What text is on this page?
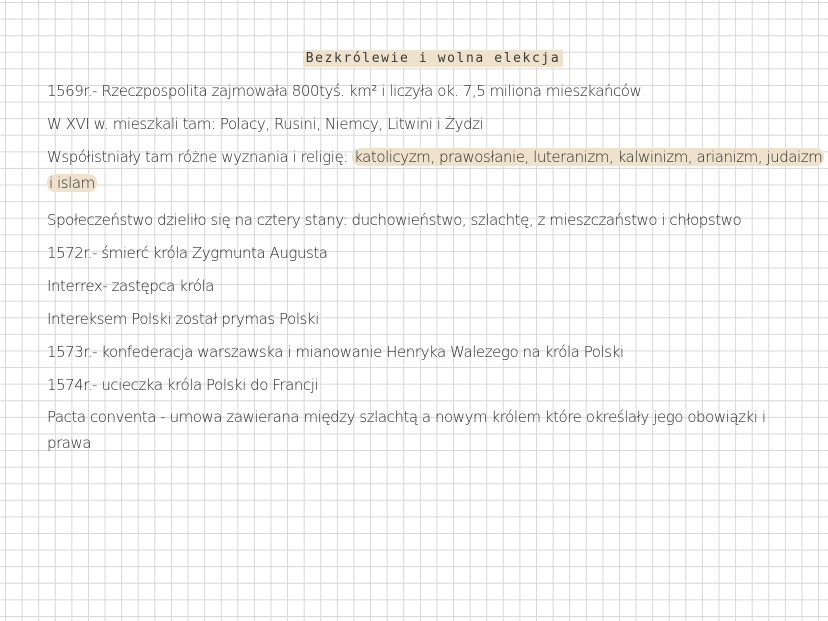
Bezkrólewie i wolna elekcja

1569r.- Rzeczpospolita zajmowała 800tyś. km² i liczyła ok. 7,5 miliona mieszkańców

W XVI w. mieszkali tam: Polacy, Rusini, Niemcy, Litwini i Żydzi

Współistniały tam różne wyznania i religię: katolicyzm, prawosłanie, luteranizm, kalwinizm, arianizm, judaizm i islam

Społeczeństwo dzieliło się na cztery stany: duchowieństwo, szlachtę, z mieszczaństwo i chłopstwo

1572r.- śmierć króla Zygmunta Augusta

Interrex- zastępca króla

Intereksem Polski został prymas Polski

1573r.- konfederacja warszawska i mianowanie Henryka Walezego na króla Polski

1574r.- ucieczka króla Polski do Francji

Pacta conventa - umowa zawierana między szlachtą a nowym królem które określały jego obowiązki i prawa
